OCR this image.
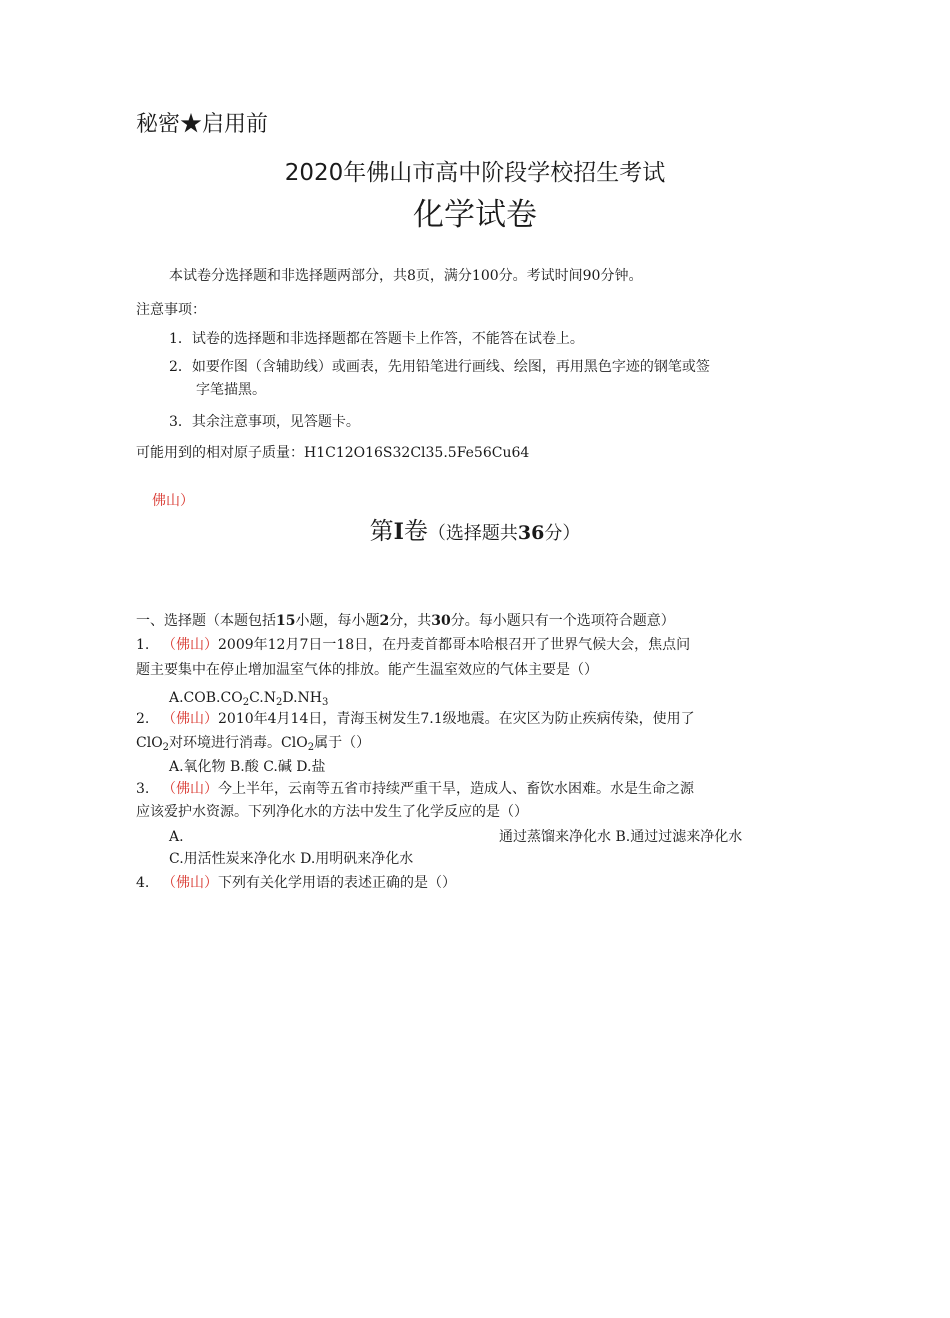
秘密★启用前
2020年佛山市高中阶段学校招生考试
化学试卷
本试卷分选择题和非选择题两部分，共8页，满分100分。考试时间90分钟。
注意事项：
1．试卷的选择题和非选择题都在答题卡上作答，不能答在试卷上。
2．如要作图（含辅助线）或画表，先用铅笔进行画线、绘图，再用黑色字迹的钢笔或签
字笔描黑。
3．其余注意事项，见答题卡。
可能用到的相对原子质量：H1C12O16S32Cl35.5Fe56Cu64
佛山）
第I卷（选择题共36分）
一、选择题（本题包括15小题，每小题2分，共30分。每小题只有一个选项符合题意）
1. （佛山）2009年12月7日一18日，在丹麦首都哥本哈根召开了世界气候大会，焦点问
题主要集中在停止增加温室气体的排放。能产生温室效应的气体主要是（）
$A.COB.CO_2C.N_2D.NH_3$
2. （佛山）2010年4月14日，青海玉树发生7.1级地震。在灾区为防止疾病传染，使用了
ClO$_2$对环境进行消毒。ClO$_2$属于（）
A.氧化物 B.酸 C.碱 D.盐
3. （佛山）今上半年，云南等五省市持续严重干旱，造成人、畜饮水困难。水是生命之源
应该爱护水资源。下列净化水的方法中发生了化学反应的是（）
A.	通过蒸馏来净化水 B.通过过滤来净化水
C.用活性炭来净化水 D.用明矾来净化水
4. （佛山）下列有关化学用语的表述正确的是（）
